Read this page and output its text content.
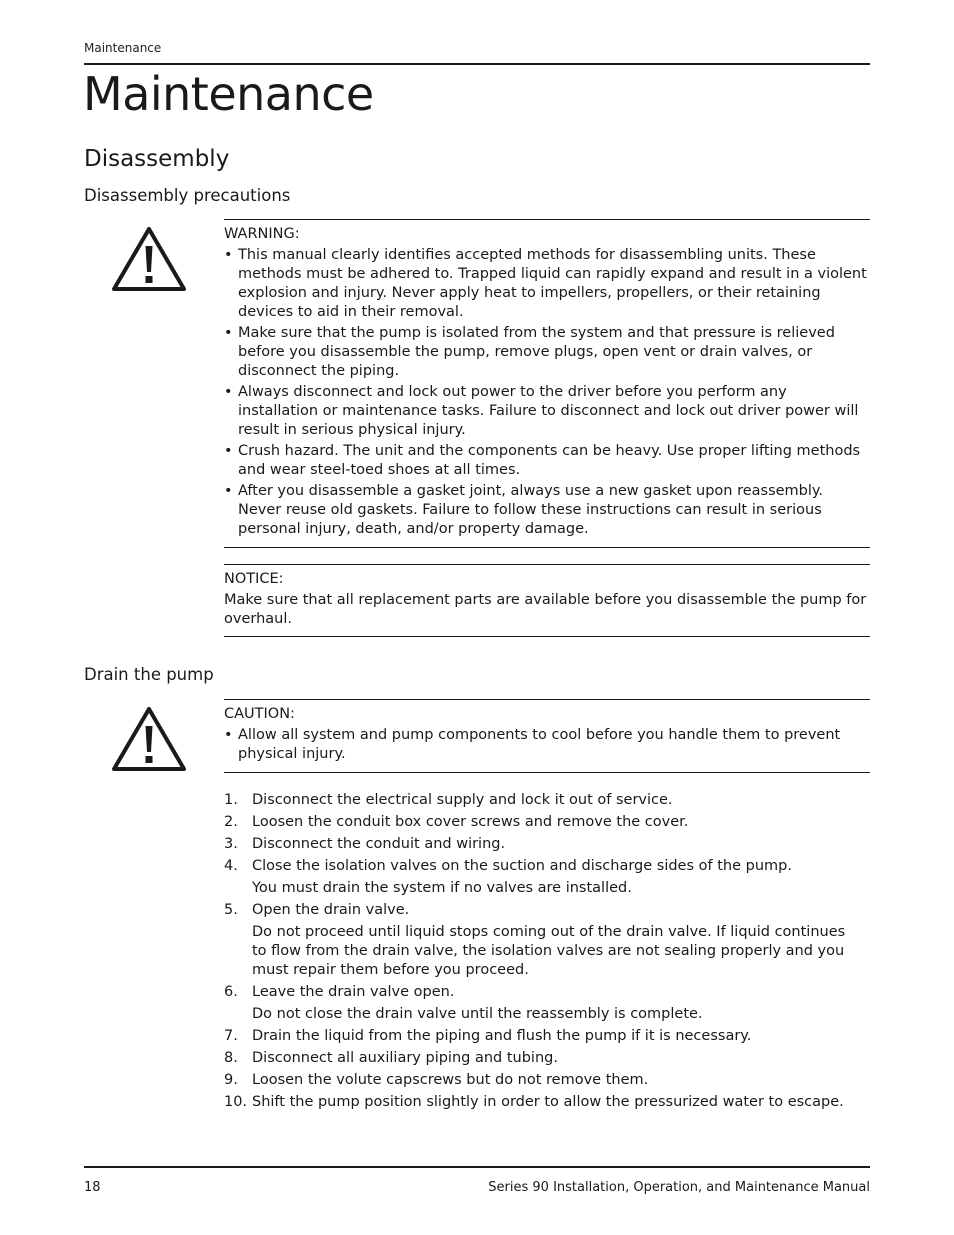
Maintenance
Maintenance
Disassembly
Disassembly precautions

WARNING:

• This manual clearly identifies accepted methods for disassembling units. These methods must be adhered to. Trapped liquid can rapidly expand and result in a violent explosion and injury. Never apply heat to impellers, propellers, or their retaining devices to aid in their removal.
• Make sure that the pump is isolated from the system and that pressure is relieved before you disassemble the pump, remove plugs, open vent or drain valves, or disconnect the piping.
• Always disconnect and lock out power to the driver before you perform any installation or maintenance tasks. Failure to disconnect and lock out driver power will result in serious physical injury.
• Crush hazard. The unit and the components can be heavy. Use proper lifting methods and wear steel-toed shoes at all times.
• After you disassemble a gasket joint, always use a new gasket upon reassembly. Never reuse old gaskets. Failure to follow these instructions can result in serious personal injury, death, and/or property damage.

NOTICE:

Make sure that all replacement parts are available before you disassemble the pump for overhaul.

Drain the pump

CAUTION:

• Allow all system and pump components to cool before you handle them to prevent physical injury.
1. Disconnect the electrical supply and lock it out of service.
2. Loosen the conduit box cover screws and remove the cover.
3. Disconnect the conduit and wiring.
4. Close the isolation valves on the suction and discharge sides of the pump.
You must drain the system if no valves are installed.
5. Open the drain valve.
Do not proceed until liquid stops coming out of the drain valve. If liquid continues to flow from the drain valve, the isolation valves are not sealing properly and you must repair them before you proceed.
6. Leave the drain valve open.
Do not close the drain valve until the reassembly is complete.
7. Drain the liquid from the piping and flush the pump if it is necessary.
8. Disconnect all auxiliary piping and tubing.
9. Loosen the volute capscrews but do not remove them.
10. Shift the pump position slightly in order to allow the pressurized water to escape.
18	Series 90 Installation, Operation, and Maintenance Manual
